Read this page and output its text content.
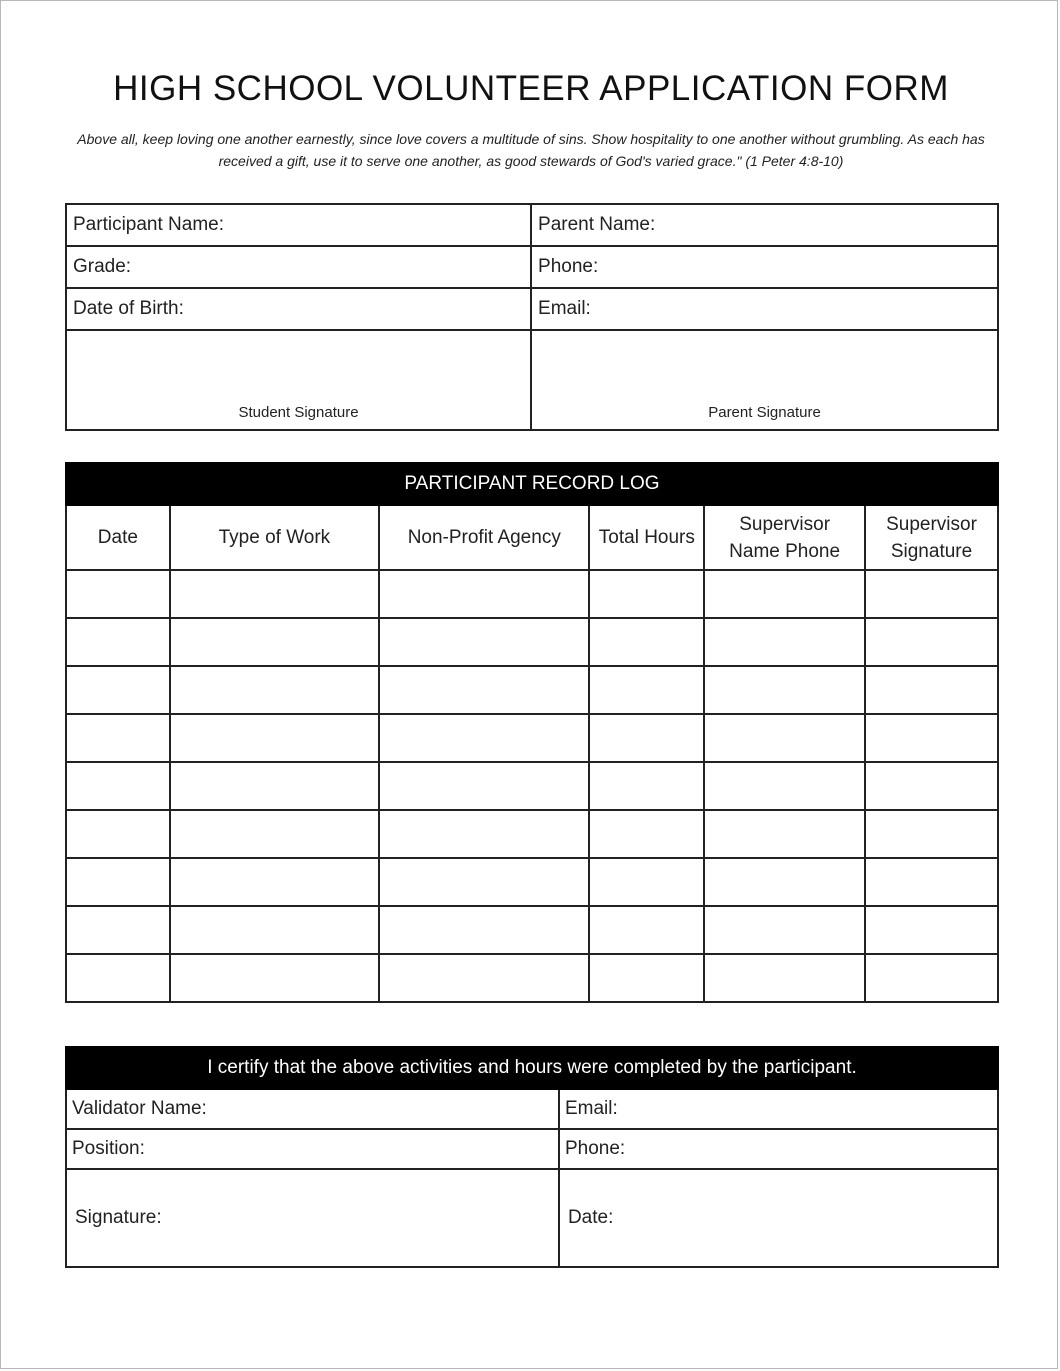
HIGH SCHOOL VOLUNTEER APPLICATION FORM
Above all, keep loving one another earnestly, since love covers a multitude of sins. Show hospitality to one another without grumbling. As each has received a gift, use it to serve one another, as good stewards of God's varied grace." (1 Peter 4:8-10)
Participant Name:	Parent Name:
Grade:	Phone:
Date of Birth:	Email:
Student Signature	Parent Signature
PARTICIPANT RECORD LOG					
Date	Type of Work	Non-Profit Agency	Total Hours	Supervisor Name Phone	Supervisor Signature

I certify that the above activities and hours were completed by the participant.	
Validator Name:	Email:
Position:	Phone:
Signature:	Date:
